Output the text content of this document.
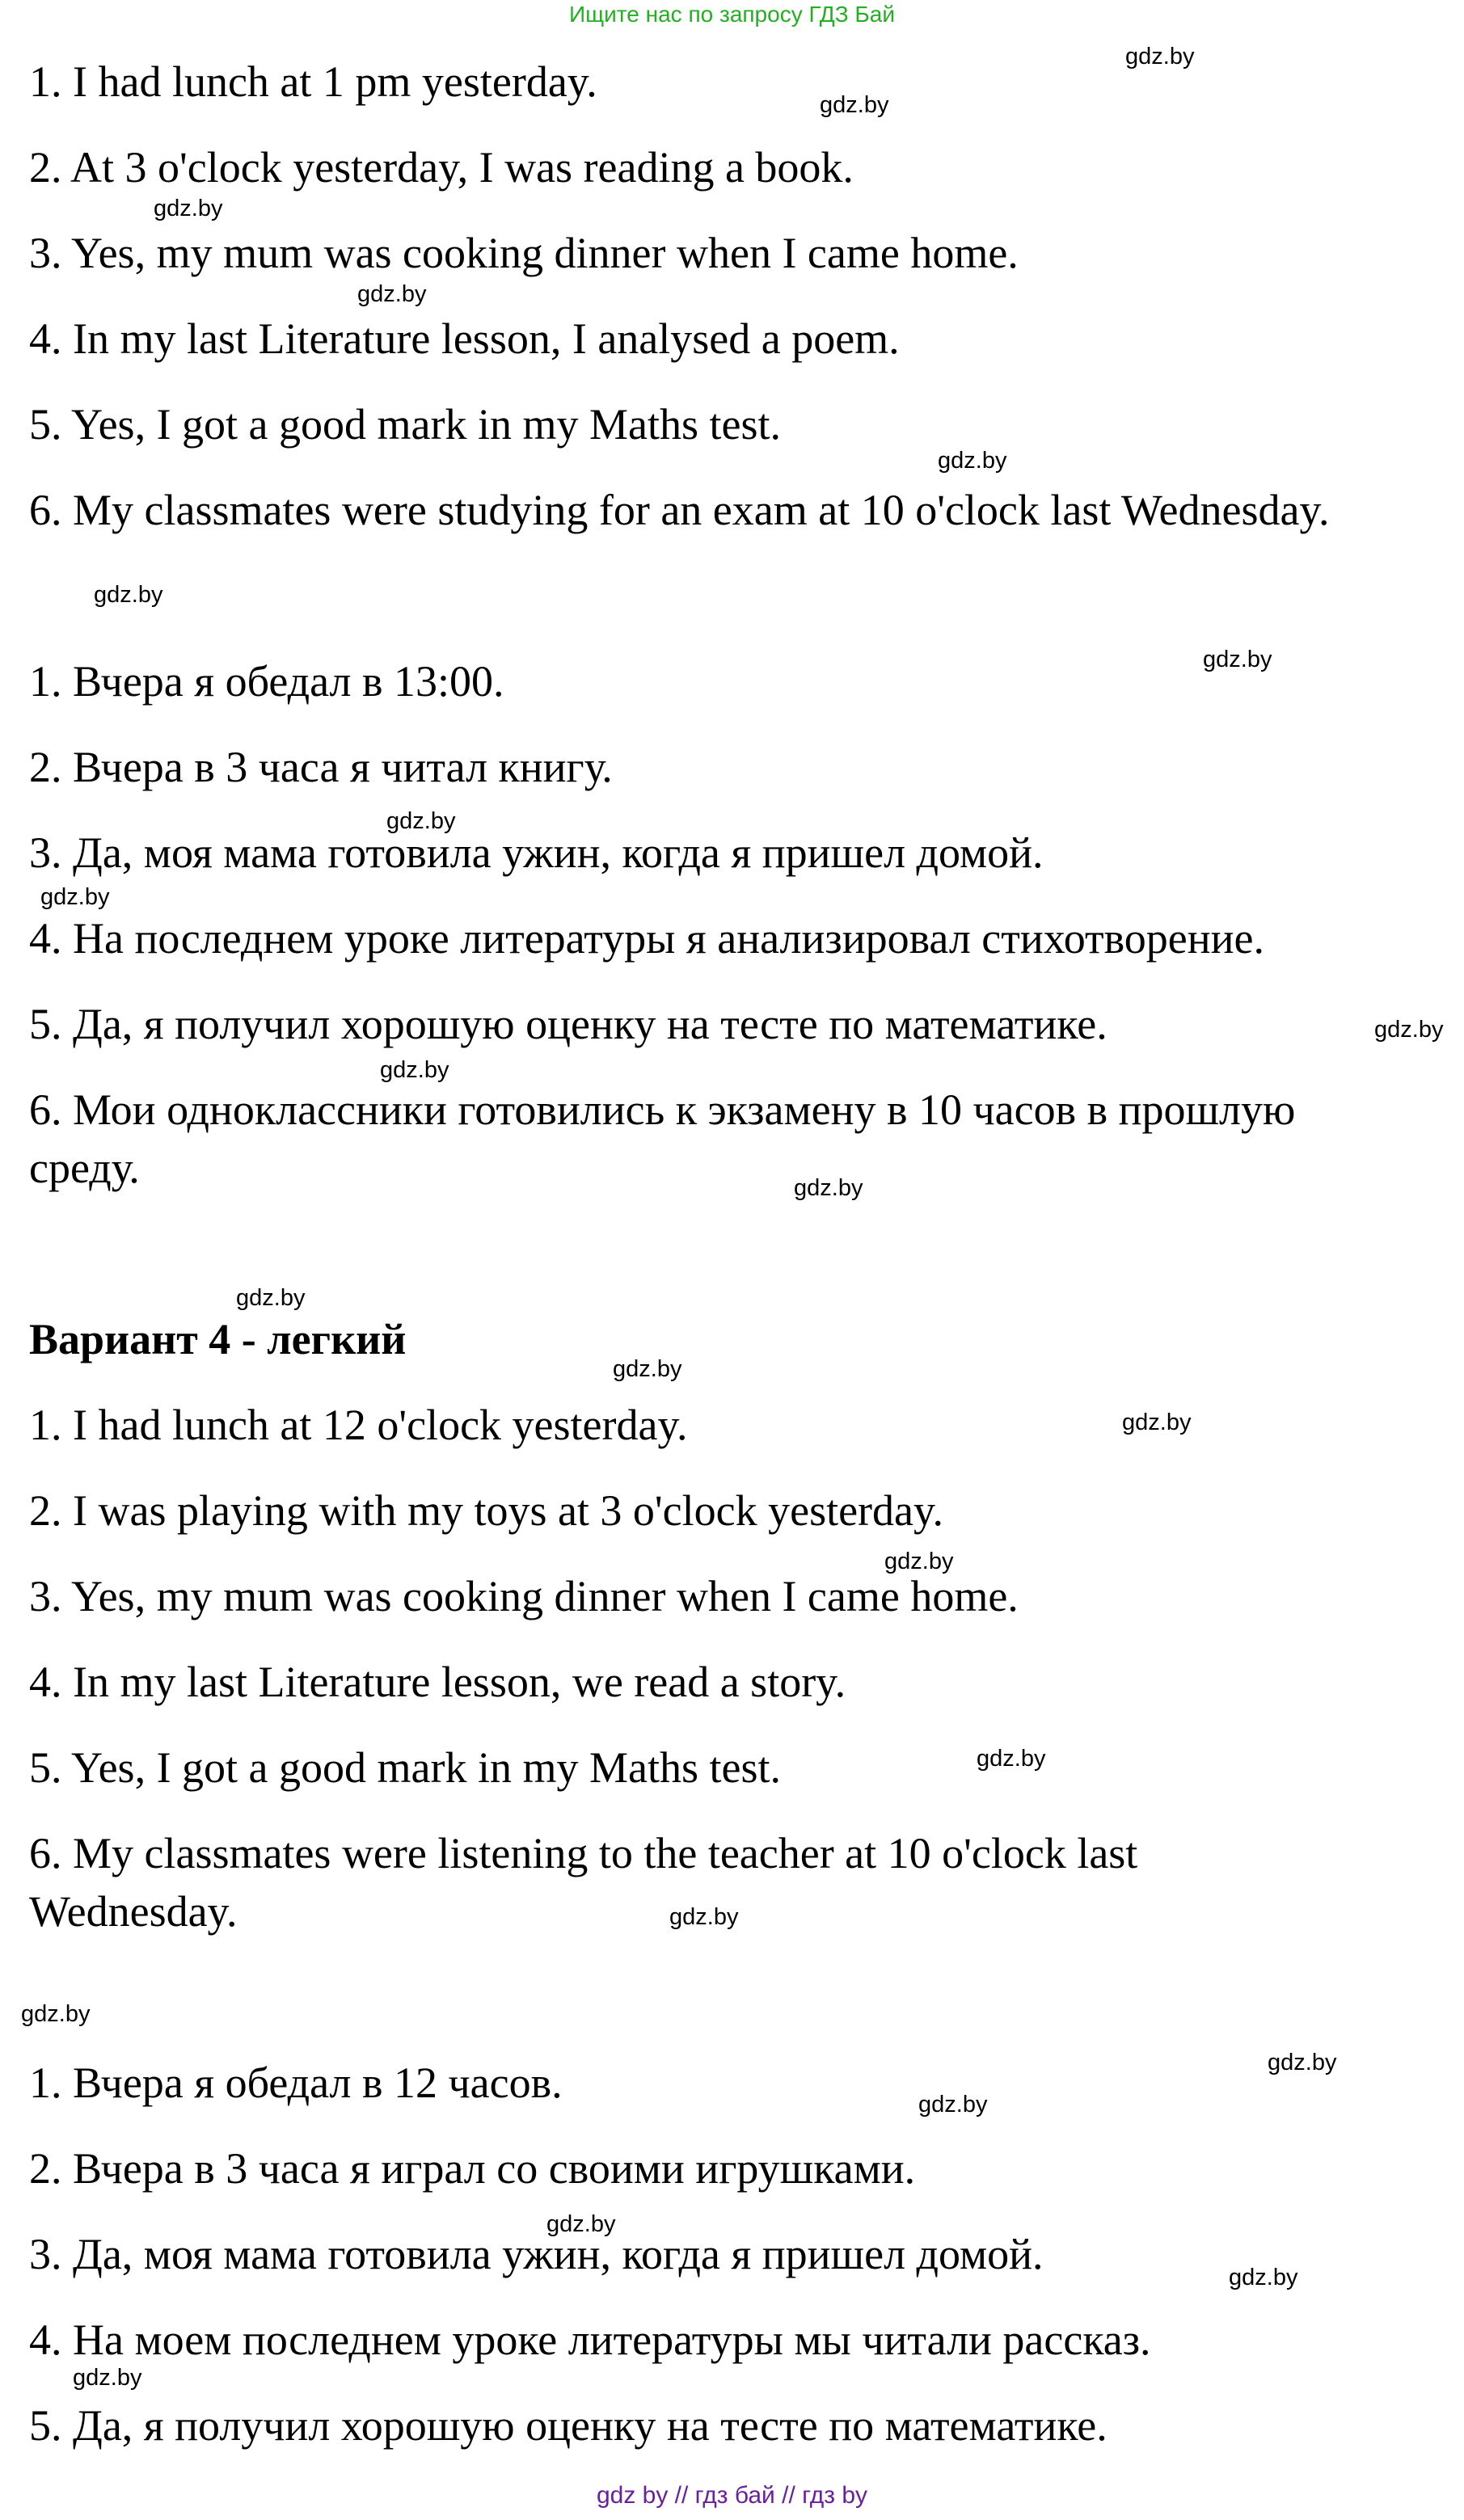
Ищите нас по запросу ГДЗ Бай
1. I had lunch at 1 pm yesterday.
2. At 3 o'clock yesterday, I was reading a book.
3. Yes, my mum was cooking dinner when I came home.
4. In my last Literature lesson, I analysed a poem.
5. Yes, I got a good mark in my Maths test.
6. My classmates were studying for an exam at 10 o'clock last Wednesday.
1. Вчера я обедал в 13:00.
2. Вчера в 3 часа я читал книгу.
3. Да, моя мама готовила ужин, когда я пришел домой.
4. На последнем уроке литературы я анализировал стихотворение.
5. Да, я получил хорошую оценку на тесте по математике.
6. Мои одноклассники готовились к экзамену в 10 часов в прошлую
среду.
Вариант 4 - легкий
1. I had lunch at 12 o'clock yesterday.
2. I was playing with my toys at 3 o'clock yesterday.
3. Yes, my mum was cooking dinner when I came home.
4. In my last Literature lesson, we read a story.
5. Yes, I got a good mark in my Maths test.
6. My classmates were listening to the teacher at 10 o'clock last
Wednesday.
1. Вчера я обедал в 12 часов.
2. Вчера в 3 часа я играл со своими игрушками.
3. Да, моя мама готовила ужин, когда я пришел домой.
4. На моем последнем уроке литературы мы читали рассказ.
5. Да, я получил хорошую оценку на тесте по математике.
gdz.by
gdz.by
gdz.by
gdz.by
gdz.by
gdz.by
gdz.by
gdz.by
gdz.by
gdz.by
gdz.by
gdz.by
gdz.by
gdz.by
gdz.by
gdz.by
gdz.by
gdz.by
gdz.by
gdz.by
gdz.by
gdz.by
gdz.by
gdz.by
gdz by // гдз бай // гдз by
